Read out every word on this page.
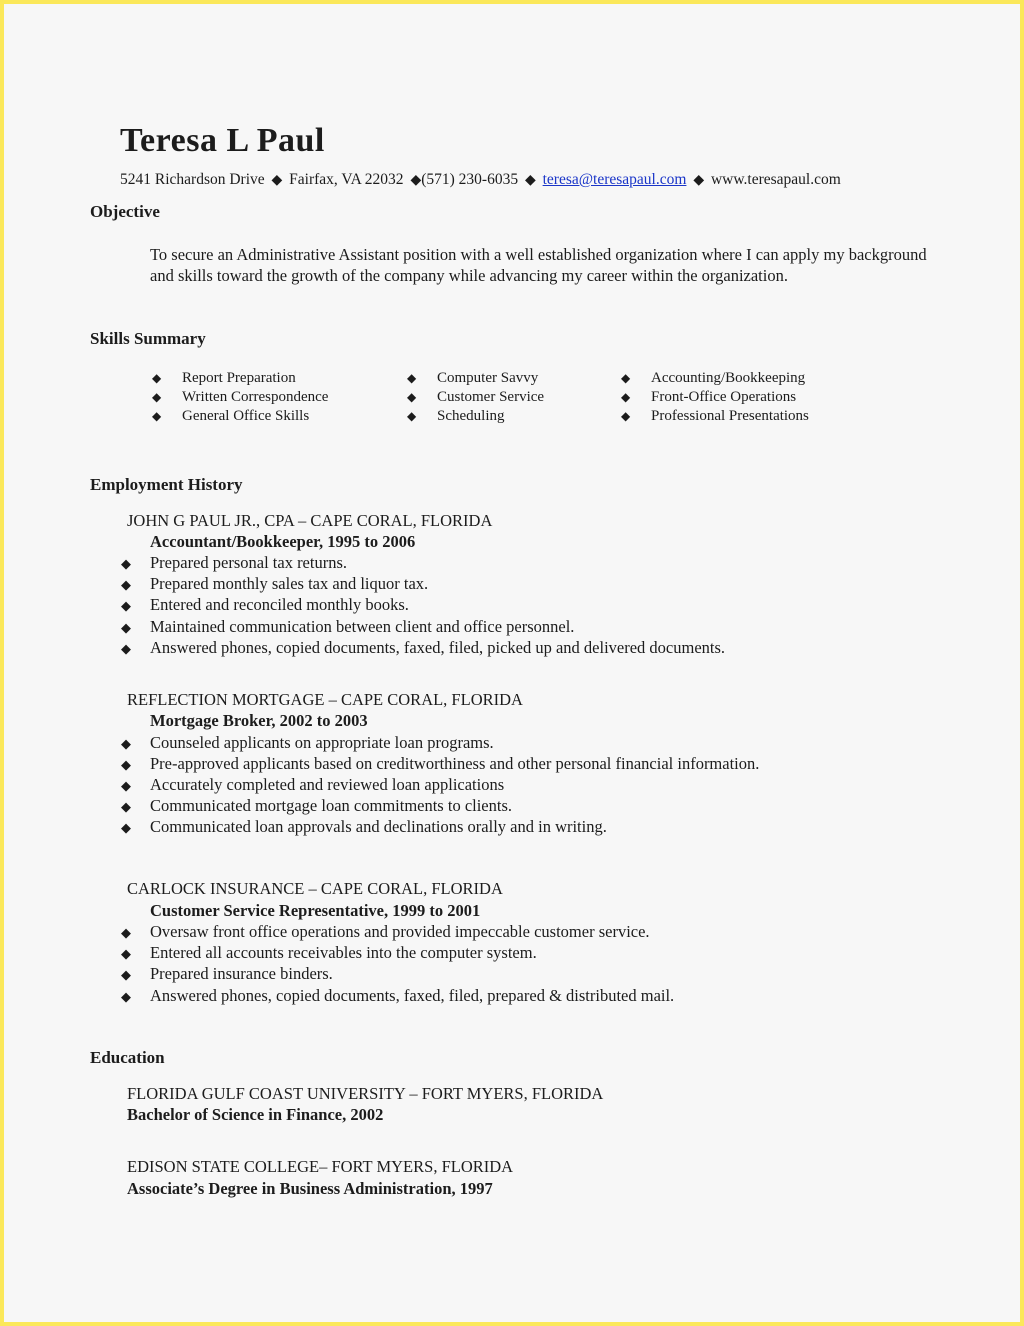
Teresa L Paul
5241 Richardson Drive ◆ Fairfax, VA 22032 ◆(571) 230-6035 ◆ teresa@teresapaul.com ◆ www.teresapaul.com
Objective
To secure an Administrative Assistant position with a well established organization where I can apply my background and skills toward the growth of the company while advancing my career within the organization.
Skills Summary
◆ Report Preparation
◆ Written Correspondence
◆ General Office Skills
◆ Computer Savvy
◆ Customer Service
◆ Scheduling
◆ Accounting/Bookkeeping
◆ Front-Office Operations
◆ Professional Presentations
Employment History
JOHN G PAUL JR., CPA – CAPE CORAL, FLORIDA
Accountant/Bookkeeper, 1995 to 2006
◆ Prepared personal tax returns.
◆ Prepared monthly sales tax and liquor tax.
◆ Entered and reconciled monthly books.
◆ Maintained communication between client and office personnel.
◆ Answered phones, copied documents, faxed, filed, picked up and delivered documents.
REFLECTION MORTGAGE – CAPE CORAL, FLORIDA
Mortgage Broker, 2002 to 2003
◆ Counseled applicants on appropriate loan programs.
◆ Pre-approved applicants based on creditworthiness and other personal financial information.
◆ Accurately completed and reviewed loan applications
◆ Communicated mortgage loan commitments to clients.
◆ Communicated loan approvals and declinations orally and in writing.
CARLOCK INSURANCE – CAPE CORAL, FLORIDA
Customer Service Representative, 1999 to 2001
◆ Oversaw front office operations and provided impeccable customer service.
◆ Entered all accounts receivables into the computer system.
◆ Prepared insurance binders.
◆ Answered phones, copied documents, faxed, filed, prepared & distributed mail.
Education
FLORIDA GULF COAST UNIVERSITY – FORT MYERS, FLORIDA
Bachelor of Science in Finance, 2002
EDISON STATE COLLEGE– FORT MYERS, FLORIDA
Associate’s Degree in Business Administration, 1997
